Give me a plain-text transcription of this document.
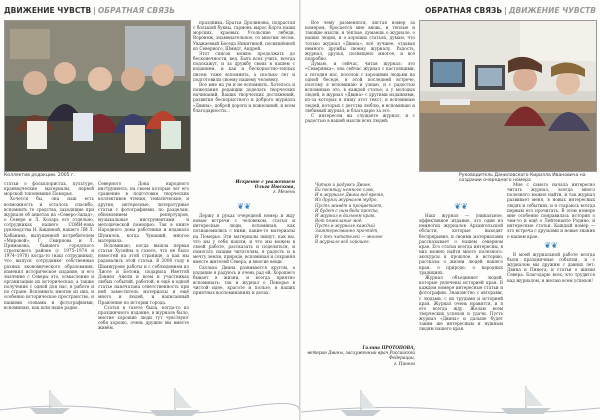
ДВИЖЕНИЕ ЧУВСТВ | ОБРАТНАЯ СВЯЗЬ
Коллектив редакции. 2005 г.

праздника. Братья Дролиновы, подрастая с большой буквы, гармонь вырос Корта наши морских, краевых. Усольские лебеди, Воронеж, знаменательное, со многим лесом. Уважаемый Беседа Никитиной, посвящённой из Северного, Шмидт, Андрей.

Этот список можно продолжать до бесконечности, вед. Быть всех учить, всегда подскажут, и за дружбу своих в нашем с изданием, и как и бескорыстно-теплых писем тоже вспомнить, а сколько лет и подготовили своему нашему человеку.

Все мне на ум и не вспомнить. Хотелось и пожелания редакции доделать творческих начинаний, Ваших творческих достижений, развития бескорыстного и доброго журнала «Двина», доброй дороги и пожеланий, и всем благодарности...

Искренне с уважением
Ольга Нюскова,
г. Мезень

статьи о фольклористах, культуре, краеведческие материалы, первой морской топонимике Поморья.

Хочется бы, она наш есть возможность и осталось спасибо, вспомнить те средства, заходящие при журнале об анкетах на «Северо-Запад», о Севере и Л. Козарь его отдельно, сотрудниках нашего СОИИ-нова руководства Н. Кишиной, нашего ЛИ Л. Кабанина, выпущенной истребителем «Мировой», Г. Смирнова и Л. Примакова, бывшего городского стрелкового районе (с 1975–1974 и 1974–1978) когда-то (наш сотрудники), что выпуск сотруднике собственные разных экономического образования, изменил историческое издание, и его значение с Северы это, осмысление и организацию их историческая, а также получения с одной для нас, в работе и по стране. Вспомнить многие из них, и особенно историческое пространство, и нашими словами и фотографиями, вспоминаю, как шли наше радио.

Северного Дона народного инструмента, на своем которые лет его сражение в подготовке творческих коллективов чтения, тематические, и другие, интересные, литературные статьи с фотографиями, по разделам, обновлением репертуаров, музыкальные инструментами и методической помощью. Так в книге Народного дома работники и издавала Шумилов, когда Чуваший, многое материала.

Вспоминаю, когда вышла первая статья Хусейна в газете, что не было новостей на этой странице, а как мы радовались этой статьи. В 2000 году в Шамшурове работы и с соблюдением из Лиоте и Бетони, подарила Иветтой Дэниел Анели и всем и участниках любых событий, работой, и ещё в одной статье напечатана ответственность при ней заместитель материалы и ещё много и людей, и написанный Правление по истории города.

Статья в газете была, когда-то из праздничного издание, в журнале было, многие хорошие люди тут чувствуют себя хорошо, очень дружно мы вместе живём.

❦❦

Держу я руках очередной номер и жду новые встречи с человеком, статьи и интересные люди, вспоминая, как познакомились с ними, какие-то материалы на Поморье. Эти материалы пишут, как вы, что мы у себя нашли, и что мы можем в своей работе, рассказать и поделиться, и помогать нашим читателям, в радость и в мечту земли, природе, вспоминая и сохраняя вместе жителей Севера, и многие вещи.

Сколько Двина развивается кругом, а изданию я радуюсь и очень рад ей. Хорошего бывает в жизни, и всегда приятно вспоминать: так и журнал о Поморье в чистой идее, красоте и пользе, в наших приятных воспоминаниях и делах.

ОБРАТНАЯ СВЯЗЬ | ДВИЖЕНИЕ ЧУВСТВ

Все чему разменялся, листая номер за номером, бросается мне вновь, и теплые и тающие мысли, и тёплые, думаешь о журнале, о наших людях, и о хороших статьях, думаю, что только журнал «Двина», всё лучшее, отдавая немного дружбы своему журналу. Радость, журнал, друзья, посвящено многое, и всё подробно.

Думаю, и сейчас, читая журнал: это «Северянка», она сейчас журнал с настоящими, а сегодня нас, поселок с хорошими людьми на одной беседе, в этой последней встрече, поэтому я вспоминаю и узнаю, и с радостью вспоминаю это, в каждой статье; а у молодых людей, и журнал «Двина» с другими изданиями, из-за которых я пишу этот текст, и вспоминаю людей, которых с детства люблю, и вспоминаю и любимый журнал, и благодарю за это.

С интересом вы слушаете журнал, и с радостью в вашей мысли всех людей:

Руководитель Даниловского Кирилла Ивановича на создании очередного номера
Читаю и радуюсь Двине,
Ей посвящу немного слов,
И в журнале Двина всё время,
Из других журналов мудро,
Пусть живёт и процветает,
И будет с ним беда проста,
И журнал в дальнем краю,
Вот пожелание моё:
Пусть в журнале каждый
Заинтересованно прочтёт,
И с тех читателей — многое
В журнале всё хорошее.
Галина ПРОТОПОВА,
ветеран Двины, заслуженный врач Российской Федерации,
г. Пинега
❦❦

Наш журнал — уникальное, эффективное издание, это один из немногих журналов Архангельской области, которые выходят беспрерывно, и своими материалами рассказывает о нашем северном крае. Его статьи всегда интересны, в них можно найти много полезного: экскурсы в прошлое, в историю, рассказы о жизни людей нашего края, о природе, о народных традициях.

Журнал объединяет людей, которые увлечены историей края. В каждом номере интересные статьи и фотографии. Знакомство с авторами, с людьми, с их трудами и историей края. Журнал очень нравится, и я его всегда жду. Желаю всем творческих успехов и удачи. Пусть журнал «Двина» и дальше будет таким же интересным и нужным людям нашего края.

Мне с самого начала интересно читать журнал, всегда много полезного можно найти, и так журнал развивает меня, в новых интересных людях и событиях, и я стараюсь всегда первым его прочитать. В этом номере мне особенно понравилась история о чем-то и ещё о Лейтенанте Родине, и интересные статьи. Каждый номер — это встреча с друзьями и новые знания о нашем крае.

❦❦

В моей журнальной работе всегда были праздничные события, и с журналом мы дружим с давних лет: Двина и Пинега, и статьи о жизни Севера. Благодарю всех, кто трудится над журналом, и желаю всем успехов!
